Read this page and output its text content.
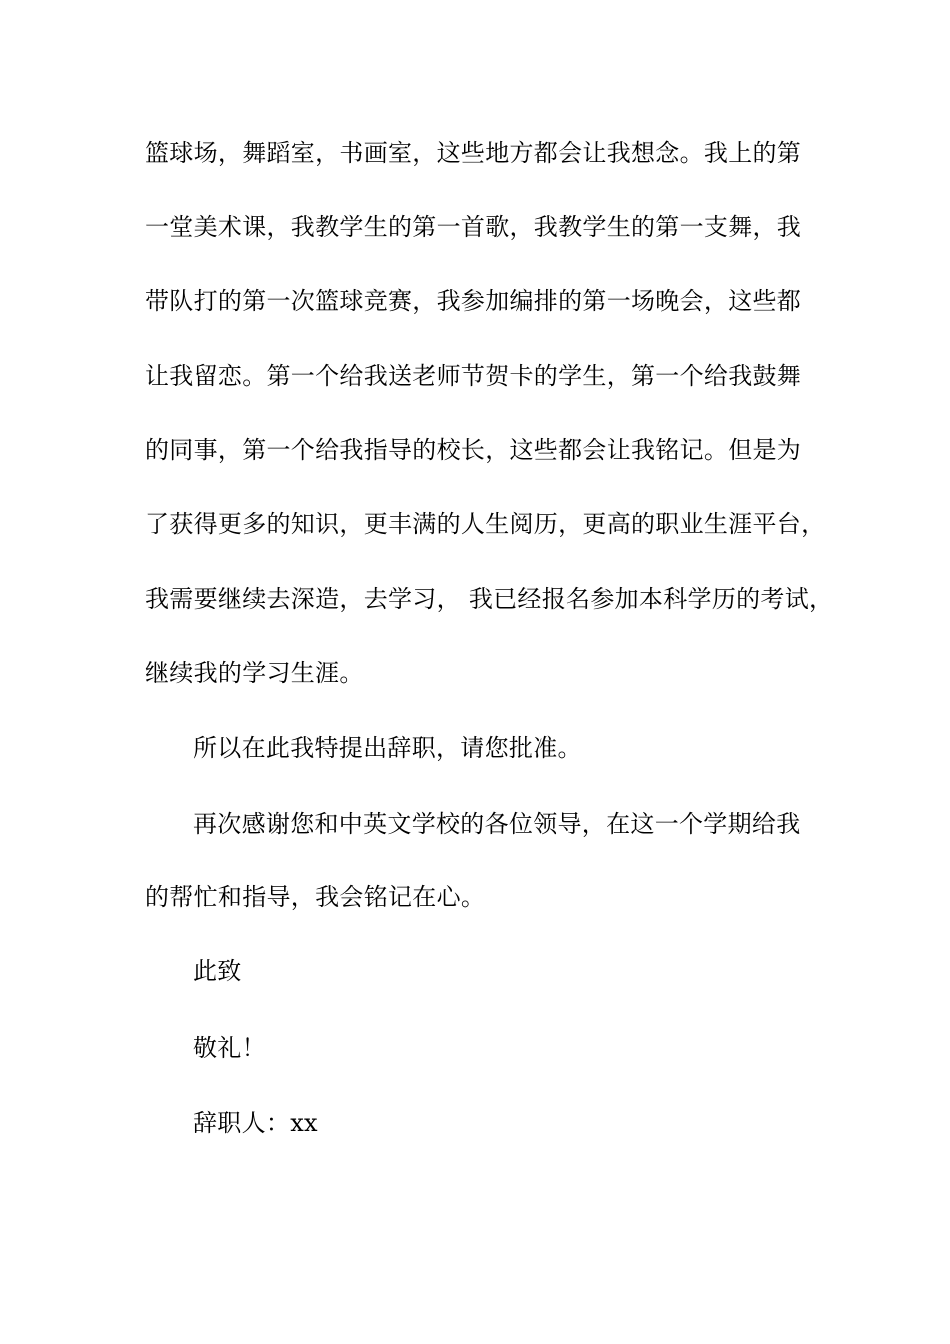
篮球场，舞蹈室，书画室，这些地方都会让我想念。我上的第
一堂美术课，我教学生的第一首歌，我教学生的第一支舞，我
带队打的第一次篮球竞赛，我参加编排的第一场晚会，这些都
让我留恋。第一个给我送老师节贺卡的学生，第一个给我鼓舞
的同事，第一个给我指导的校长，这些都会让我铭记。但是为
了获得更多的知识，更丰满的人生阅历，更高的职业生涯平台，
我需要继续去深造，去学习， 我已经报名参加本科学历的考试，
继续我的学习生涯。
所以在此我特提出辞职，请您批准。
再次感谢您和中英文学校的各位领导，在这一个学期给我
的帮忙和指导，我会铭记在心。
此致
敬礼！
辞职人：xx
